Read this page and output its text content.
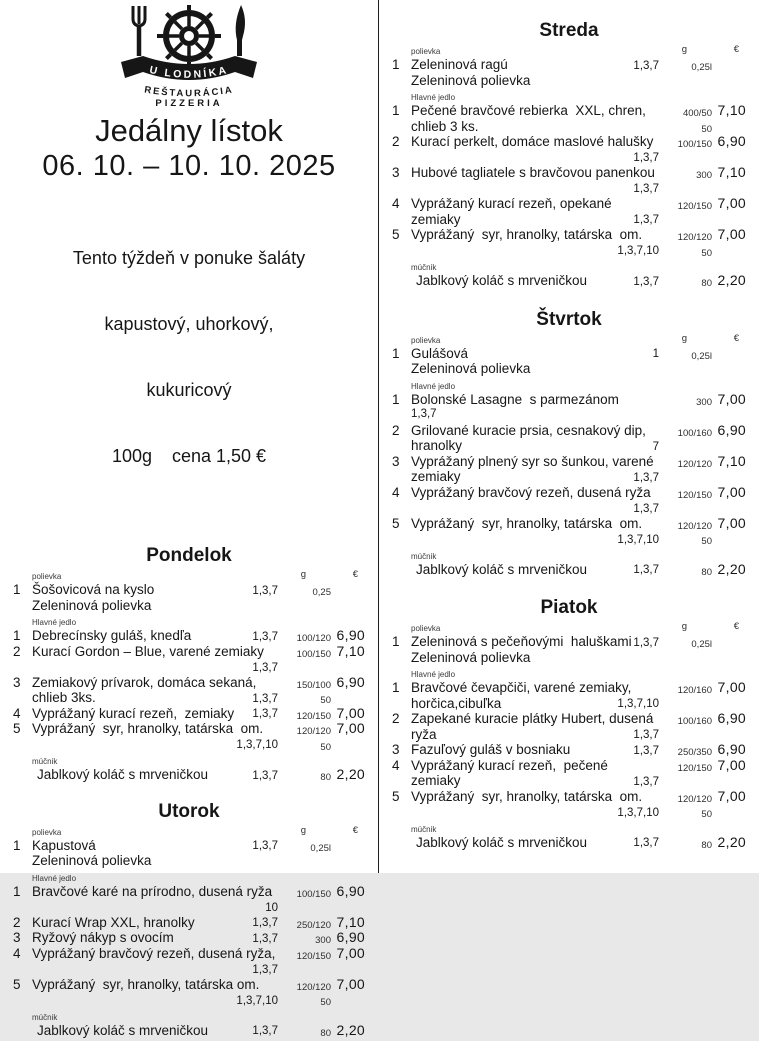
U LODNÍKA
REŠTAURÁCIA
PIZZERIA
Jedálny lístok
06. 10. – 10. 10. 2025

Tento týždeň v ponuke šaláty

kapustový, uhorkový,

kukuricový

100g    cena 1,50 €

Pondelok
polievka	g	€
1 Šošovicová na kyslo	1,3,7	0,25
Zeleninová polievka
Hlavné jedlo
1 Debrecínsky guláš, knedľa	1,3,7 100/120 6,90
2 Kurací Gordon – Blue, varené zemiaky	100/150 7,10
1,3,7
3 Zemiakový prívarok, domáca sekaná,	150/100 6,90
chlieb 3ks.	1,3,7	50
4 Vyprážaný kurací rezeň,  zemiaky	1,3,7 120/150 7,00
5 Vyprážaný  syr, hranolky, tatárska  om.	120/120 7,00
1,3,7,10	50
múčnik
Jablkový koláč s mrveničkou	1,3,7	80 2,20
Utorok
polievka	g	€
1 Kapustová	1,3,7	0,25l
Zeleninová polievka
Hlavné jedlo
1 Bravčové karé na prírodno, dusená ryža	100/150 6,90
10
2 Kurací Wrap XXL, hranolky	1,3,7 250/120 7,10
3 Ryžový nákyp s ovocím	1,3,7	300 6,90
4 Vyprážaný bravčový rezeň, dusená ryža,	120/150 7,00
1,3,7
5 Vyprážaný  syr, hranolky, tatárska om.	120/120 7,00
1,3,7,10	50
múčnik
Jablkový koláč s mrveničkou	1,3,7	80 2,20
Streda
polievka	g	€
1 Zeleninová ragú	1,3,7	0,25l
Zeleninová polievka
Hlavné jedlo
1 Pečené bravčové rebierka  XXL, chren,	400/50 7,10
chlieb 3 ks.	50
2 Kurací perkelt, domáce maslové halušky	100/150 6,90
1,3,7
3 Hubové tagliatele s bravčovou panenkou	300 7,10
1,3,7
4 Vyprážaný kurací rezeň, opekané	120/150 7,00
zemiaky	1,3,7
5 Vyprážaný  syr, hranolky, tatárska  om.	120/120 7,00
1,3,7,10	50
múčnik
Jablkový koláč s mrveničkou	1,3,7	80 2,20
Štvrtok
polievka	g	€
1 Gulášová	1	0,25l
Zeleninová polievka
Hlavné jedlo
1 Bolonské Lasagne  s parmezánom	300 7,00
1,3,7
2 Grilované kuracie prsia, cesnakový dip,	100/160 6,90
hranolky	7
3 Vyprážaný plnený syr so šunkou, varené	120/120 7,10
zemiaky	1,3,7
4 Vyprážaný bravčový rezeň, dusená ryža	120/150 7,00
1,3,7
5 Vyprážaný  syr, hranolky, tatárska  om.	120/120 7,00
1,3,7,10	50
múčnik
Jablkový koláč s mrveničkou	1,3,7	80 2,20
Piatok
polievka	g	€
1 Zeleninová s pečeňovými  haluškami 1,3,7	0,25l
Zeleninová polievka
Hlavné jedlo
1 Bravčové čevapčiči, varené zemiaky,	120/160 7,00
horčica,cibuľka	1,3,7,10
2 Zapekané kuracie plátky Hubert, dusená	100/160 6,90
ryža	1,3,7
3 Fazuľový guláš v bosniaku	1,3,7 250/350 6,90
4 Vyprážaný kurací rezeň,  pečené	120/150 7,00
zemiaky	1,3,7
5 Vyprážaný  syr, hranolky, tatárska  om.	120/120 7,00
1,3,7,10	50
múčnik
Jablkový koláč s mrveničkou	1,3,7	80 2,20
